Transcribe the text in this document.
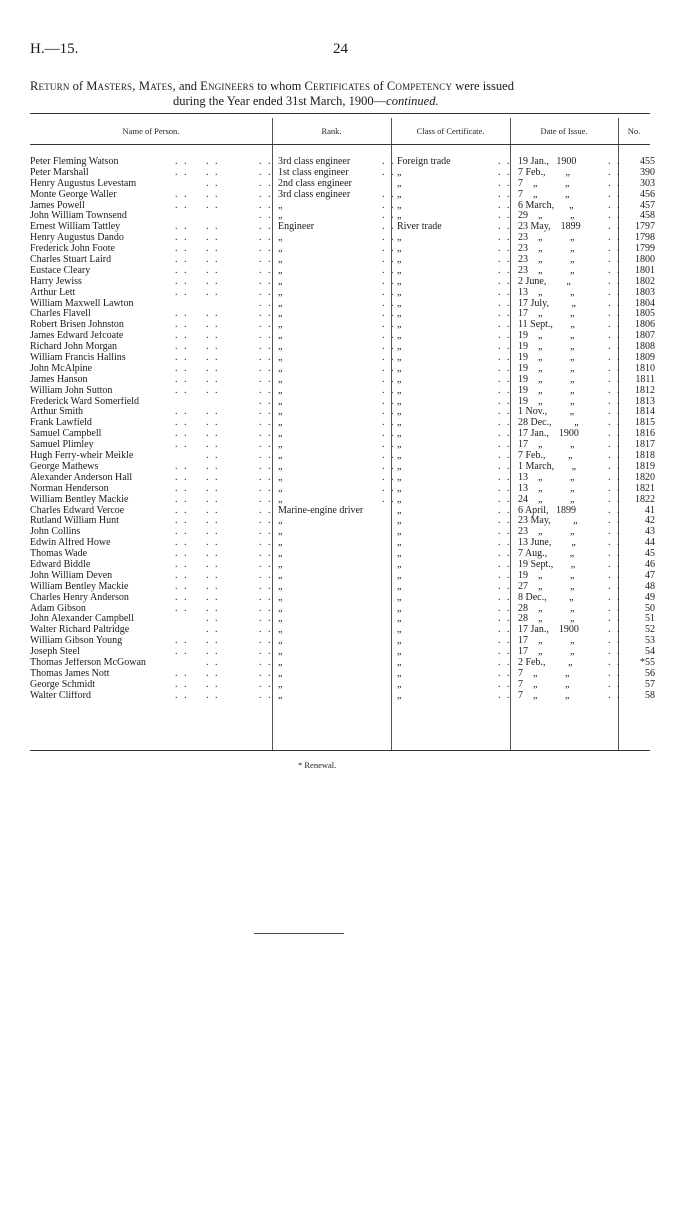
H.—15.	24
Return of Masters, Mates, and Engineers to whom Certificates of Competency were issued
during the Year ended 31st March, 1900—continued.
Name of Person.	Rank.	Class of Certificate.	Date of Issue.	No.
Peter Fleming Watson	. . . .	. . 3rd class engineer	. . Foreign trade	. . 19 Jan.,   1900	. .	455
Peter Marshall	. . . .	. . 1st class engineer	. . „	. . 7 Feb.,        „	. .	390
Henry Augustus Levestam	. .	. . 2nd class engineer	„	. . 7    „           „	. .	303
Monte George Waller	. . . .	. . 3rd class engineer	. . „	. . 7    „           „	. .	456
James Powell	. . . .	. . „	. . „	. . 6 March,      „	. .	457
John William Townsend	. . „	. . „	. . 29    „           „	. .	458
Ernest William Tattley	. . . .	. . Engineer	. . River trade	. . 23 May,    1899	. .	1797
Henry Augustus Dando	. . . .	. . „	. . „	. . 23    „           „	. .	1798
Frederick John Foote	. . . .	. . „	. . „	. . 23    „           „	. .	1799
Charles Stuart Laird	. . . .	. . „	. . „	. . 23    „           „	. .	1800
Eustace Cleary	. . . .	. . „	. . „	. . 23    „           „	. .	1801
Harry Jewiss	. . . .	. . „	. . „	. . 2 June,        „	. .	1802
Arthur Lett	. . . .	. . „	. . „	. . 13    „           „	. .	1803
William Maxwell Lawton	. . „	. . „	. . 17 July,         „	. .	1804
Charles Flavell	. . . .	. . „	. . „	. . 17    „           „	. .	1805
Robert Brisen Johnston	. . . .	. . „	. . „	. . 11 Sept.,       „	. .	1806
James Edward Jefcoate	. . . .	. . „	. . „	. . 19    „           „	. .	1807
Richard John Morgan	. . . .	. . „	. . „	. . 19    „           „	. .	1808
William Francis Hallins	. . . .	. . „	. . „	. . 19    „           „	. .	1809
John McAlpine	. . . .	. . „	. . „	. . 19    „           „	. .	1810
James Hanson	. . . .	. . „	. . „	. . 19    „           „	. .	1811
William John Sutton	. . . .	. . „	. . „	. . 19    „           „	. .	1812
Frederick Ward Somerfield	. . „	. . „	. . 19    „           „	. .	1813
Arthur Smith	. . . .	. . „	. . „	. . 1 Nov.,         „	. .	1814
Frank Lawfield	. . . .	. . „	. . „	. . 28 Dec.,         „	. .	1815
Samuel Campbell	. . . .	. . „	. . „	. . 17 Jan.,    1900	. .	1816
Samuel Plimley	. . . .	. . „	. . „	. . 17    „           „	. .	1817
Hugh Ferry-wheir Meikle	. .	. . „	. . „	. . 7 Feb.,         „	. .	1818
George Mathews	. . . .	. . „	. . „	. . 1 March,       „	. .	1819
Alexander Anderson Hall	. . . .	. . „	. . „	. . 13    „           „	. .	1820
Norman Henderson	. . . .	. . „	. . „	. . 13    „           „	. .	1821
William Bentley Mackie	. . . .	. . „	. . „	. . 24    „           „	. .	1822
Charles Edward Vercoe	. . . .	. . Marine-engine driver	„	. . 6 April,   1899	. .	41
Rutland William Hunt	. . . .	. . „	„	. . 23 May,         „	. .	42
John Collins	. . . .	. . „	„	. . 23    „           „	. .	43
Edwin Alfred Howe	. . . .	. . „	„	. . 13 June,        „	. .	44
Thomas Wade	. . . .	. . „	„	. . 7 Aug.,         „	. .	45
Edward Biddle	. . . .	. . „	„	. . 19 Sept.,       „	. .	46
John William Deven	. . . .	. . „	„	. . 19    „           „	. .	47
William Bentley Mackie	. . . .	. . „	„	. . 27    „           „	. .	48
Charles Henry Anderson	. . . .	. . „	„	. . 8 Dec.,         „	. .	49
Adam Gibson	. . . .	. . „	„	. . 28    „           „	. .	50
John Alexander Campbell	. .	. . „	„	. . 28    „           „	. .	51
Walter Richard Paltridge	. .	. . „	„	. . 17 Jan.,    1900	. .	52
William Gibson Young	. . . .	. . „	„	. . 17    „           „	. .	53
Joseph Steel	. . . .	. . „	„	. . 17    „           „	. .	54
Thomas Jefferson McGowan	. .	. . „	„	. . 2 Feb.,         „	. .	*55
Thomas James Nott	. . . .	. . „	„	. . 7    „           „	. .	56
George Schmidt	. . . .	. . „	„	. . 7    „           „	. .	57
Walter Clifford	. . . .	. . „	„	. . 7    „           „	. .	58
* Renewal.
